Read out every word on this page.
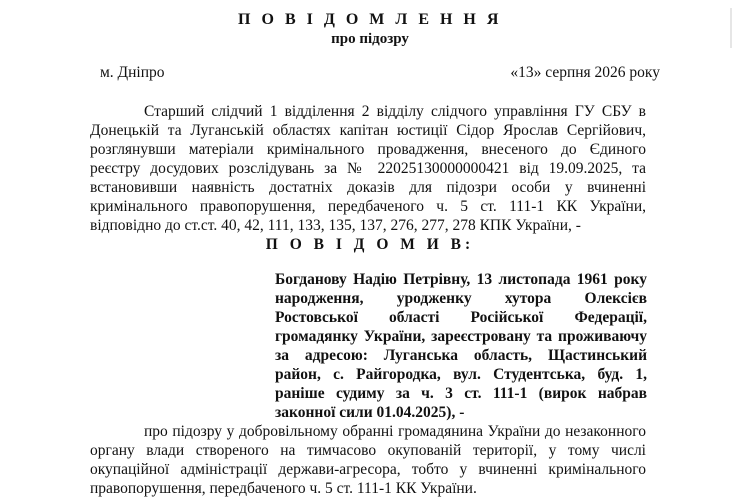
П О В І Д О М Л Е Н Н Я
про підозру
м. Дніпро	«13» серпня 2026 року
Старший слідчий 1 відділення 2 відділу слідчого управління ГУ СБУ в
Донецькій та Луганській областях капітан юстиції Сідор Ярослав Сергійович,
розглянувши матеріали кримінального провадження, внесеного до Єдиного
реєстру досудових розслідувань за № 22025130000000421 від 19.09.2025, та
встановивши наявність достатніх доказів для підозри особи у вчиненні
кримінального правопорушення, передбаченого ч. 5 ст. 111-1 КК України,
відповідно до ст.ст. 40, 42, 111, 133, 135, 137, 276, 277, 278 КПК України, -
П О В І Д О М И В:
Богданову Надію Петрівну, 13 листопада 1961 року
народження, уродженку хутора Олексієв
Ростовської області Російської Федерації,
громадянку України, зареєстровану та проживаючу
за адресою: Луганська область, Щастинський
район, с. Райгородка, вул. Студентська, буд. 1,
раніше судиму за ч. 3 ст. 111-1 (вирок набрав
законної сили 01.04.2025), -
про підозру у добровільному обранні громадянина України до незаконного
органу влади створеного на тимчасово окупованій території, у тому числі
окупаційної адміністрації держави-агресора, тобто у вчиненні кримінального
правопорушення, передбаченого ч. 5 ст. 111-1 КК України.
